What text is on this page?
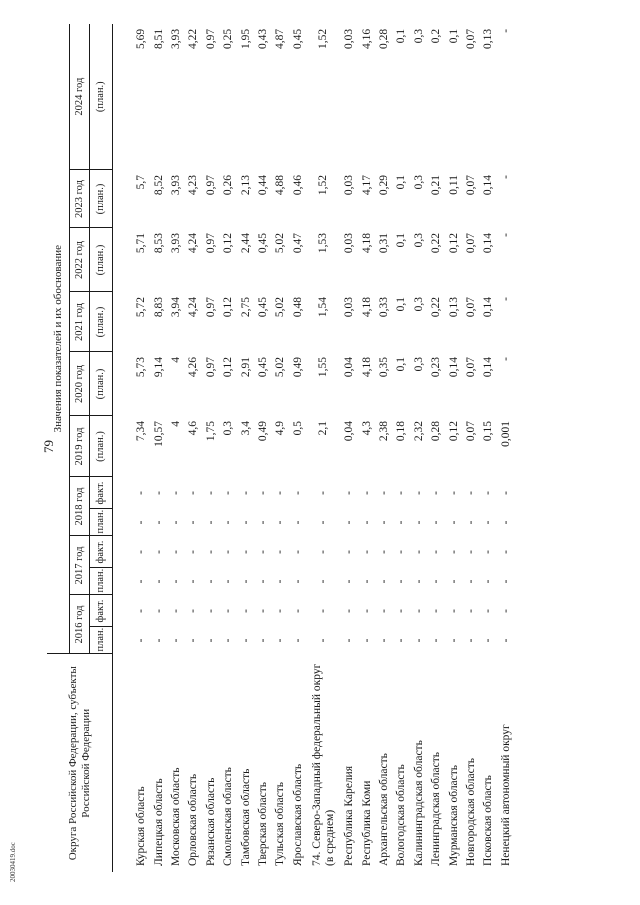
79
20030419.doc
Округа Российской Федерации, субъекты Российской Федерации	Значения показателей и их обоснование											
	2016 год		2017 год		2018 год		2019 год	2020 год	2021 год	2022 год	2023 год	2024 год
	план.	факт.	план.	факт.	план.	факт.	(план.)	(план.)	(план.)	(план.)	(план.)	(план.)

Курская область	-	-	-	-	-	-	7,34	5,73	5,72	5,71	5,7	5,69
Липецкая область	-	-	-	-	-	-	10,57	9,14	8,83	8,53	8,52	8,51
Московская область	-	-	-	-	-	-	4	4	3,94	3,93	3,93	3,93
Орловская область	-	-	-	-	-	-	4,6	4,26	4,24	4,24	4,23	4,22
Рязанская область	-	-	-	-	-	-	1,75	0,97	0,97	0,97	0,97	0,97
Смоленская область	-	-	-	-	-	-	0,3	0,12	0,12	0,12	0,26	0,25
Тамбовская область	-	-	-	-	-	-	3,4	2,91	2,75	2,44	2,13	1,95
Тверская область	-	-	-	-	-	-	0,49	0,45	0,45	0,45	0,44	0,43
Тульская область	-	-	-	-	-	-	4,9	5,02	5,02	5,02	4,88	4,87
Ярославская область	-	-	-	-	-	-	0,5	0,49	0,48	0,47	0,46	0,45
74. Северо-Западный федеральный округ (в среднем)	-	-	-	-	-	-	2,1	1,55	1,54	1,53	1,52	1,52
Республика Карелия	-	-	-	-	-	-	0,04	0,04	0,03	0,03	0,03	0,03
Республика Коми	-	-	-	-	-	-	4,3	4,18	4,18	4,18	4,17	4,16
Архангельская область	-	-	-	-	-	-	2,38	0,35	0,33	0,31	0,29	0,28
Вологодская область	-	-	-	-	-	-	0,18	0,1	0,1	0,1	0,1	0,1
Калининградская область	-	-	-	-	-	-	2,32	0,3	0,3	0,3	0,3	0,3
Ленинградская область	-	-	-	-	-	-	0,28	0,23	0,22	0,22	0,21	0,2
Мурманская область	-	-	-	-	-	-	0,12	0,14	0,13	0,12	0,11	0,1
Новгородская область	-	-	-	-	-	-	0,07	0,07	0,07	0,07	0,07	0,07
Псковская область	-	-	-	-	-	-	0,15	0,14	0,14	0,14	0,14	0,13
Ненецкий автономный округ	-	-	-	-	-	-	0,001	-	-	-	-	-
